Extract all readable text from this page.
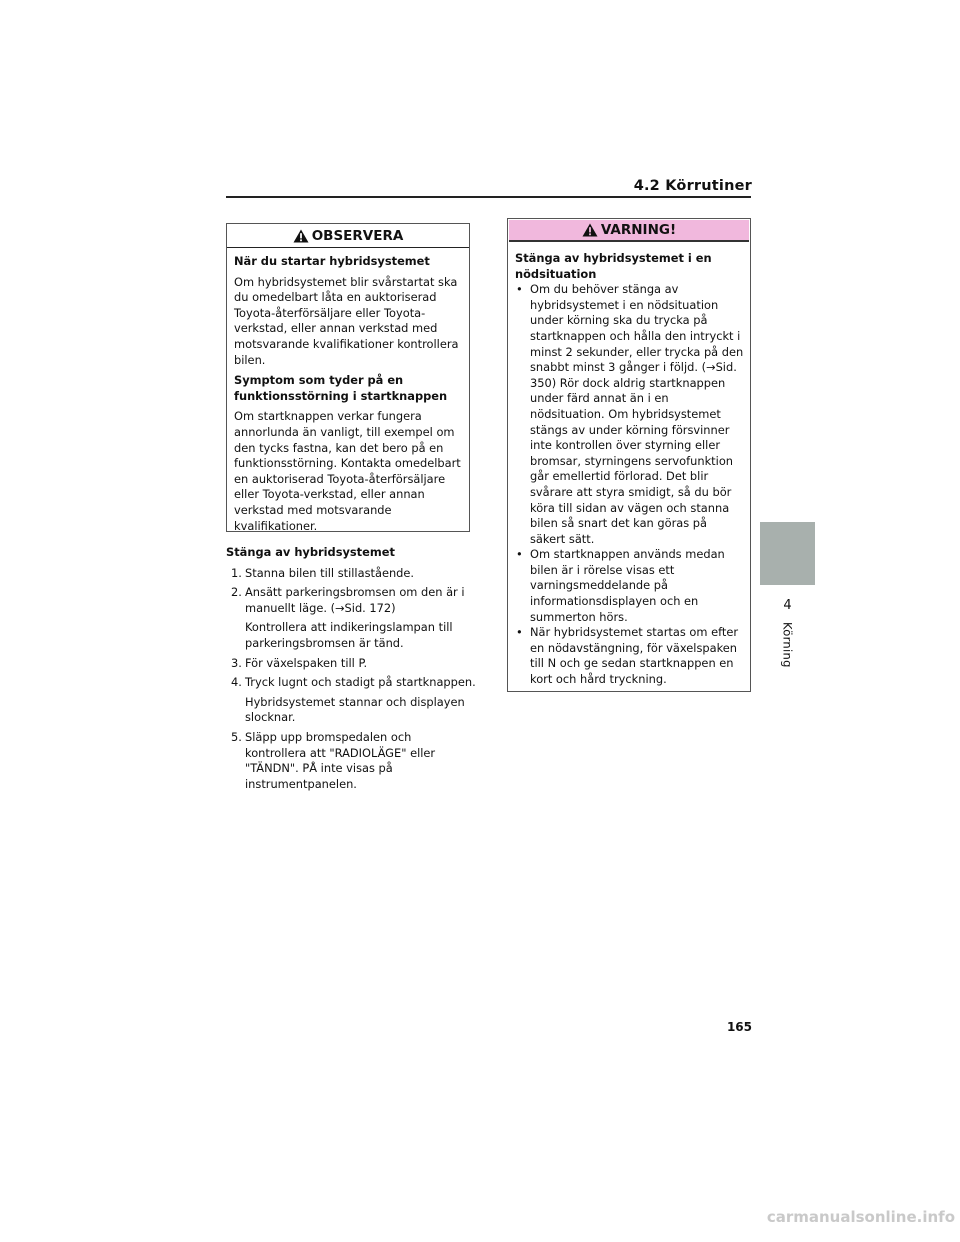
4.2 Körrutiner
OBSERVERA
När du startar hybridsystemet

Om hybridsystemet blir svårstartat ska du omedelbart låta en auktoriserad Toyota-återförsäljare eller Toyota-verkstad, eller annan verkstad med motsvarande kvalifikationer kontrollera bilen.

Symptom som tyder på en funktionsstörning i startknappen

Om startknappen verkar fungera annorlunda än vanligt, till exempel om den tycks fastna, kan det bero på en funktionsstörning. Kontakta omedelbart en auktoriserad Toyota-återförsäljare eller Toyota-verkstad, eller annan verkstad med motsvarande kvalifikationer.

Stänga av hybridsystemet
1. Stanna bilen till stillastående.
2. Ansätt parkeringsbromsen om den är i manuellt läge. (→Sid. 172)
Kontrollera att indikeringslampan till parkeringsbromsen är tänd.
3. För växelspaken till P.
4. Tryck lugnt och stadigt på startknappen.
Hybridsystemet stannar och displayen slocknar.
5. Släpp upp bromspedalen och kontrollera att "RADIOLÄGE" eller "TÄNDN". PÅ inte visas på instrumentpanelen.
VARNING!
Stänga av hybridsystemet i en nödsituation
• Om du behöver stänga av hybridsystemet i en nödsituation under körning ska du trycka på startknappen och hålla den intryckt i minst 2 sekunder, eller trycka på den snabbt minst 3 gånger i följd. (→Sid. 350) Rör dock aldrig startknappen under färd annat än i en nödsituation. Om hybridsystemet stängs av under körning försvinner inte kontrollen över styrning eller bromsar, styrningens servofunktion går emellertid förlorad. Det blir svårare att styra smidigt, så du bör köra till sidan av vägen och stanna bilen så snart det kan göras på säkert sätt.
• Om startknappen används medan bilen är i rörelse visas ett varningsmeddelande på informationsdisplayen och en summerton hörs.
• När hybridsystemet startas om efter en nödavstängning, för växelspaken till N och ge sedan startknappen en kort och hård tryckning.
4
Körning
165
carmanualsonline.info
